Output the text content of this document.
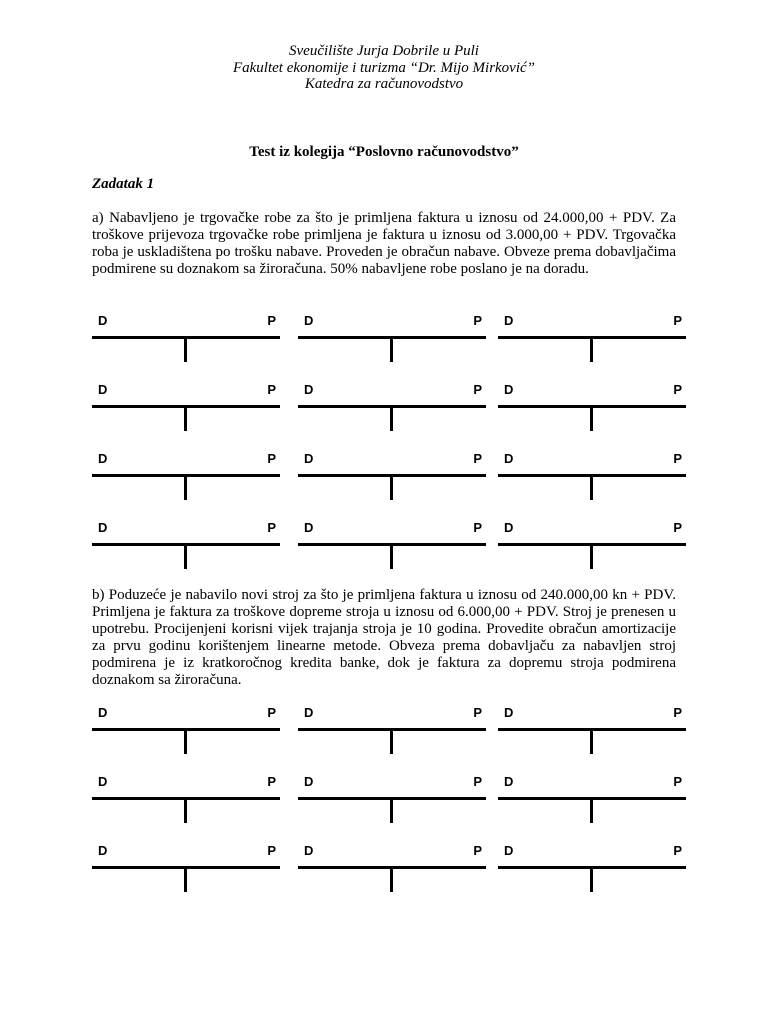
Sveučilište Jurja Dobrile u Puli
Fakultet ekonomije i turizma “Dr. Mijo Mirković”
Katedra za računovodstvo
Test iz kolegija “Poslovno računovodstvo”
Zadatak 1

a) Nabavljeno je trgovačke robe za što je primljena faktura u iznosu od 24.000,00 + PDV. Za troškove prijevoza trgovačke robe primljena je faktura u iznosu od 3.000,00 + PDV. Trgovačka roba je uskladištena po trošku nabave. Proveden je obračun nabave. Obveze prema dobavljačima podmirene su doznakom sa žiroračuna. 50% nabavljene robe poslano je na doradu.

D	P D	P D	P
D	P D	P D	P
D	P D	P D	P
D	P D	P D	P

b) Poduzeće je nabavilo novi stroj za što je primljena faktura u iznosu od 240.000,00 kn + PDV. Primljena je faktura za troškove dopreme stroja u iznosu od 6.000,00 + PDV. Stroj je prenesen u upotrebu. Procijenjeni korisni vijek trajanja stroja je 10 godina. Provedite obračun amortizacije za prvu godinu korištenjem linearne metode. Obveza prema dobavljaču za nabavljen stroj podmirena je iz kratkoročnog kredita banke, dok je faktura za dopremu stroja podmirena doznakom sa žiroračuna.

D	P D	P D	P
D	P D	P D	P
D	P D	P D	P
